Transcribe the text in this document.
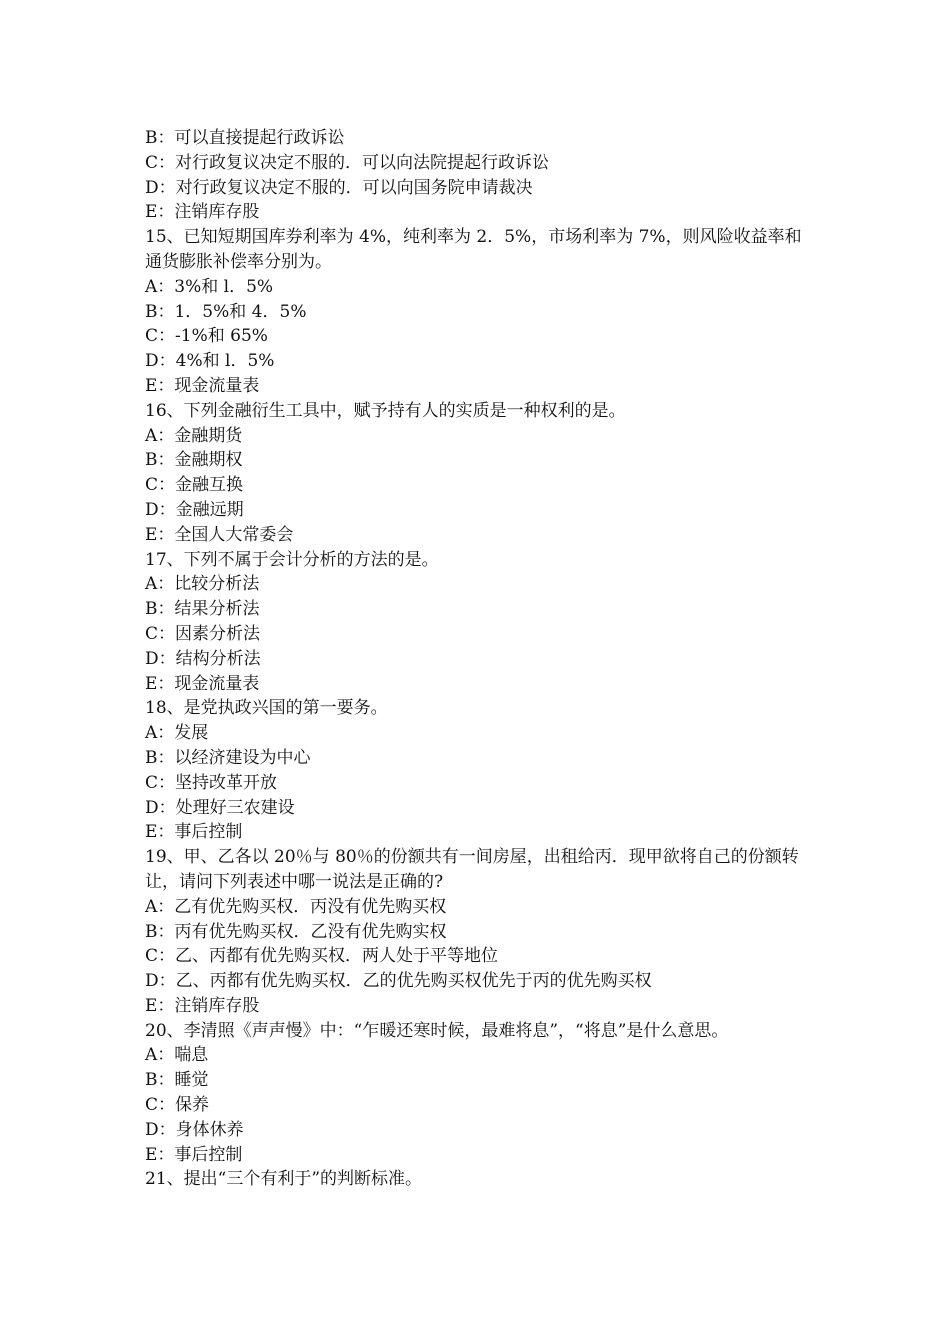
B：可以直接提起行政诉讼

C：对行政复议决定不服的．可以向法院提起行政诉讼

D：对行政复议决定不服的．可以向国务院申请裁决

E：注销库存股

15、已知短期国库券利率为 4%，纯利率为 2．5%，市场利率为 7%，则风险收益率和通货膨胀补偿率分别为。

A：3%和 l．5%

B：1．5%和 4．5%

C：-1%和 65%

D：4%和 l．5%

E：现金流量表

16、下列金融衍生工具中，赋予持有人的实质是一种权利的是。

A：金融期货

B：金融期权

C：金融互换

D：金融远期

E：全国人大常委会

17、下列不属于会计分析的方法的是。

A：比较分析法

B：结果分析法

C：因素分析法

D：结构分析法

E：现金流量表

18、是党执政兴国的第一要务。

A：发展

B：以经济建设为中心

C：坚持改革开放

D：处理好三农建设

E：事后控制

19、甲、乙各以 20％与 80％的份额共有一间房屋，出租给丙．现甲欲将自己的份额转让，请问下列表述中哪一说法是正确的?

A：乙有优先购买权．丙没有优先购买权

B：丙有优先购买权．乙没有优先购实权

C：乙、丙都有优先购买权．两人处于平等地位

D：乙、丙都有优先购买权．乙的优先购买权优先于丙的优先购买权

E：注销库存股

20、李清照《声声慢》中：“乍暖还寒时候，最难将息”，“将息”是什么意思。

A：喘息

B：睡觉

C：保养

D：身体休养

E：事后控制

21、提出“三个有利于”的判断标准。
